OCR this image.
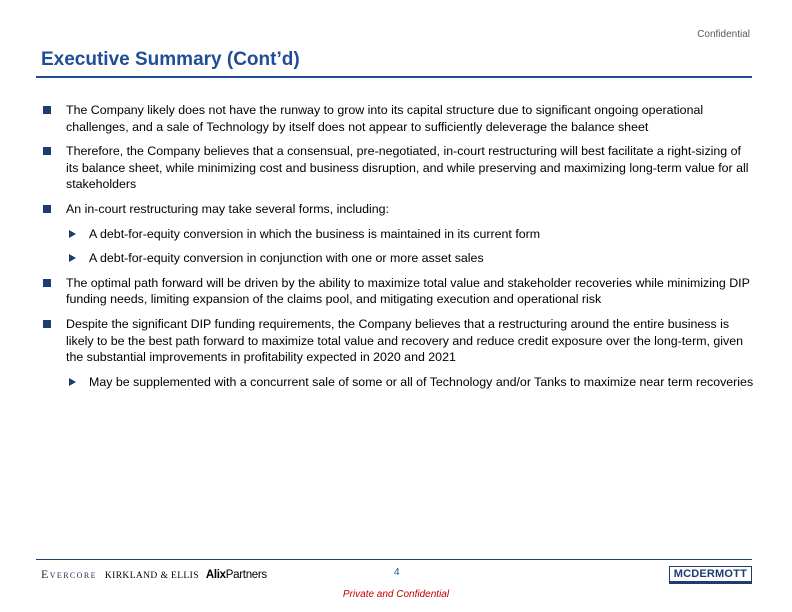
Confidential
Executive Summary (Cont’d)
The Company likely does not have the runway to grow into its capital structure due to significant ongoing operational challenges, and a sale of Technology by itself does not appear to sufficiently deleverage the balance sheet
Therefore, the Company believes that a consensual, pre-negotiated, in-court restructuring will best facilitate a right-sizing of its balance sheet, while minimizing cost and business disruption, and while preserving and maximizing long-term value for all stakeholders
An in-court restructuring may take several forms, including:
A debt-for-equity conversion in which the business is maintained in its current form
A debt-for-equity conversion in conjunction with one or more asset sales
The optimal path forward will be driven by the ability to maximize total value and stakeholder recoveries while minimizing DIP funding needs, limiting expansion of the claims pool, and mitigating execution and operational risk
Despite the significant DIP funding requirements, the Company believes that a restructuring around the entire business is likely to be the best path forward to maximize total value and recovery and reduce credit exposure over the long-term, given the substantial improvements in profitability expected in 2020 and 2021
May be supplemented with a concurrent sale of some or all of Technology and/or Tanks to maximize near term recoveries
Evercore KIRKLAND & ELLIS AlixPartners	4	MCDERMOTT
Private and Confidential
